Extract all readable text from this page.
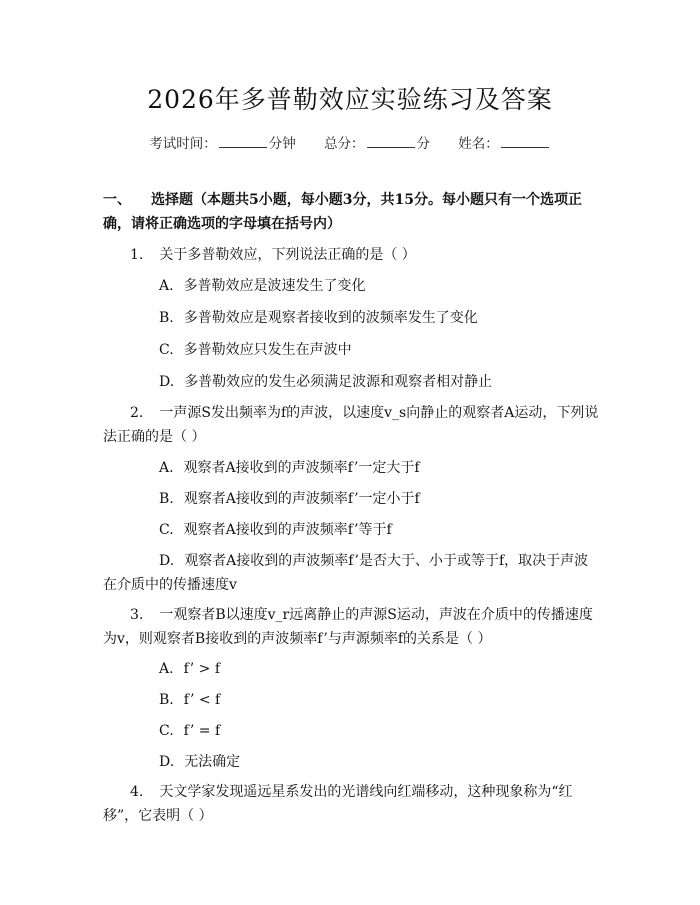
2026年多普勒效应实验练习及答案
考试时间：	分钟 总分：	分 姓名：
一、 选择题（本题共5小题，每小题3分，共15分。每小题只有一个选项正确，请将正确选项的字母填在括号内）
1. 关于多普勒效应，下列说法正确的是（ ）
A. 多普勒效应是波速发生了变化
B. 多普勒效应是观察者接收到的波频率发生了变化
C. 多普勒效应只发生在声波中
D. 多普勒效应的发生必须满足波源和观察者相对静止
2. 一声源S发出频率为f的声波，以速度v_s向静止的观察者A运动，下列说法正确的是（ ）
A. 观察者A接收到的声波频率f’一定大于f
B. 观察者A接收到的声波频率f’一定小于f
C. 观察者A接收到的声波频率f’等于f
D. 观察者A接收到的声波频率f’是否大于、小于或等于f，取决于声波在介质中的传播速度v
3. 一观察者B以速度v_r远离静止的声源S运动，声波在介质中的传播速度为v，则观察者B接收到的声波频率f’与声源频率f的关系是（ ）
A. f’ > f
B. f’ < f
C. f’ = f
D. 无法确定
4. 天文学家发现遥远星系发出的光谱线向红端移动，这种现象称为“红移”，它表明（ ）
